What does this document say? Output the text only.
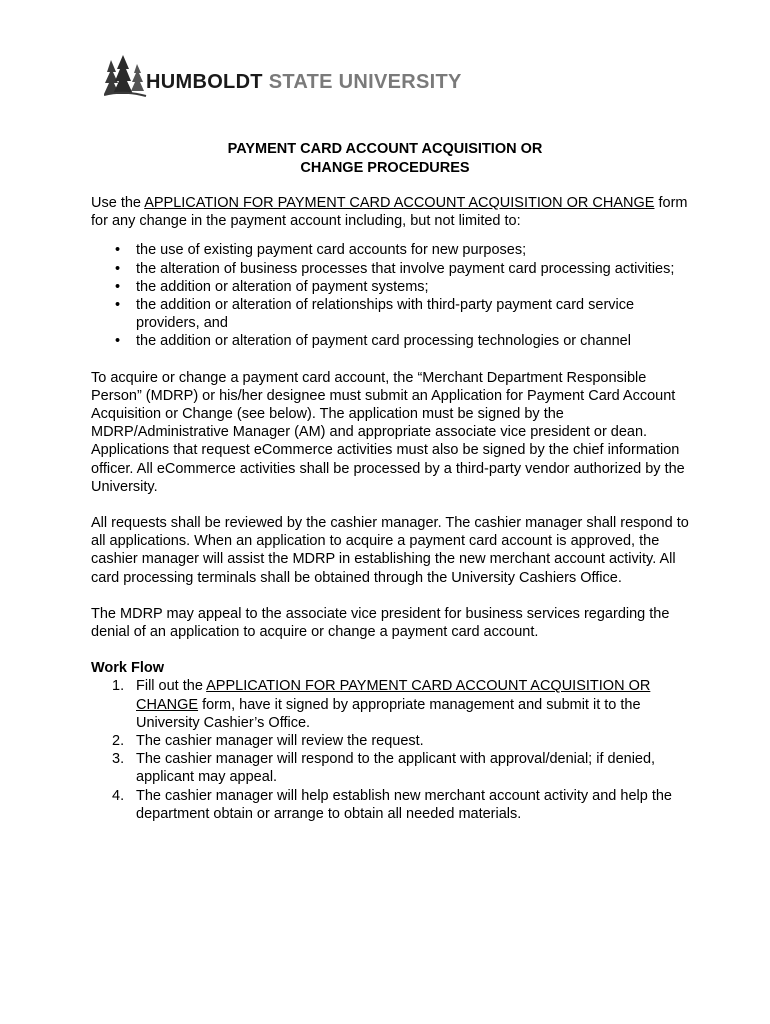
HUMBOLDT STATE UNIVERSITY
PAYMENT CARD ACCOUNT ACQUISITION OR
CHANGE PROCEDURES

Use the APPLICATION FOR PAYMENT CARD ACCOUNT ACQUISITION OR CHANGE form for any change in the payment account including, but not limited to:

• the use of existing payment card accounts for new purposes;
• the alteration of business processes that involve payment card processing activities;
• the addition or alteration of payment systems;
• the addition or alteration of relationships with third-party payment card service providers, and
• the addition or alteration of payment card processing technologies or channel

To acquire or change a payment card account, the “Merchant Department Responsible Person” (MDRP) or his/her designee must submit an Application for Payment Card Account Acquisition or Change (see below). The application must be signed by the MDRP/Administrative Manager (AM) and appropriate associate vice president or dean. Applications that request eCommerce activities must also be signed by the chief information officer. All eCommerce activities shall be processed by a third-party vendor authorized by the University.

All requests shall be reviewed by the cashier manager. The cashier manager shall respond to all applications. When an application to acquire a payment card account is approved, the cashier manager will assist the MDRP in establishing the new merchant account activity. All card processing terminals shall be obtained through the University Cashiers Office.

The MDRP may appeal to the associate vice president for business services regarding the denial of an application to acquire or change a payment card account.

Work Flow
1. Fill out the APPLICATION FOR PAYMENT CARD ACCOUNT ACQUISITION OR CHANGE form, have it signed by appropriate management and submit it to the University Cashier’s Office.
2. The cashier manager will review the request.
3. The cashier manager will respond to the applicant with approval/denial; if denied, applicant may appeal.
4. The cashier manager will help establish new merchant account activity and help the department obtain or arrange to obtain all needed materials.
